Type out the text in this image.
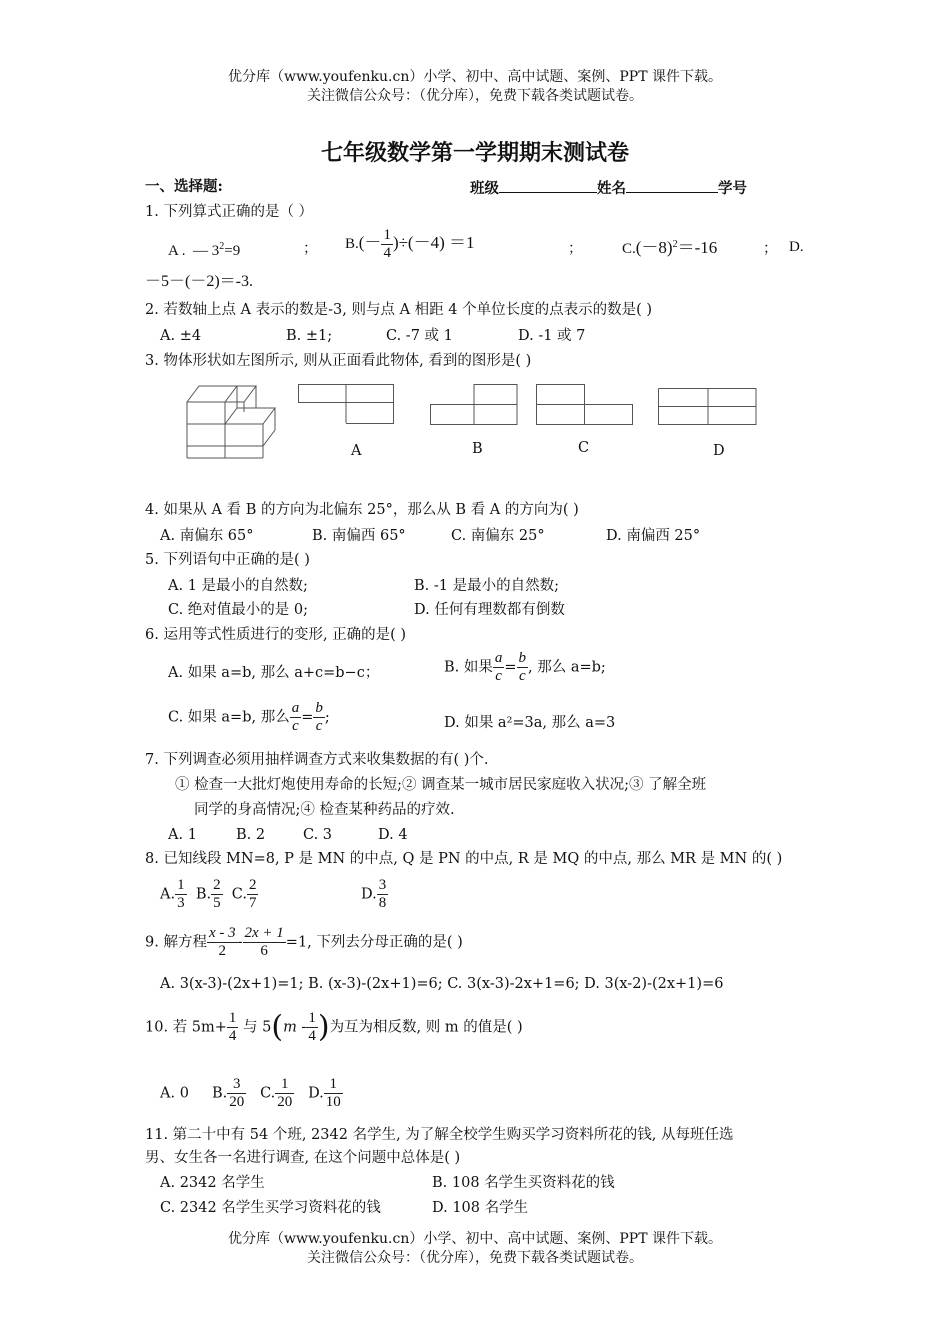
优分库（www.youfenku.cn）小学、初中、高中试题、案例、PPT 课件下载。
关注微信公众号：（优分库），免费下载各类试题试卷。
七年级数学第一学期期末测试卷
一、选择题:	班级	姓名	学号
1. 下列算式正确的是（ ）
A . — $3^2=9$	； $B.(- \frac{1}{4} )\div(-4) =1$	；	$C.(-8)^2=-16$	； D.
－5－(－2)＝-3.
2. 若数轴上点 A 表示的数是-3, 则与点 A 相距 4 个单位长度的点表示的数是( )
A. ±4	B. ±1;	C. -7 或 1	D. -1 或 7
3. 物体形状如左图所示, 则从正面看此物体, 看到的图形是( )
A	B	C	D
4. 如果从 A 看 B 的方向为北偏东 25°，那么从 B 看 A 的方向为( )
A. 南偏东 65°	B. 南偏西 65°	C. 南偏东 25°	D. 南偏西 25°
5. 下列语句中正确的是( )
A. 1 是最小的自然数;	B. -1 是最小的自然数;
C. 绝对值最小的是 0;	D. 任何有理数都有倒数
6. 运用等式性质进行的变形, 正确的是( )
A. 如果 a=b, 那么 a+c=b−c；	B. 如果 $\frac{a}{c} = \frac{b}{c}$ , 那么 a=b;
C. 如果 a=b, 那么 $\frac{a}{c} = \frac{b}{c}$ ;	D. 如果 a²=3a, 那么 a=3
7. 下列调查必须用抽样调查方式来收集数据的有( )个.
① 检查一大批灯炮使用寿命的长短;② 调查某一城市居民家庭收入状况;③ 了解全班
同学的身高情况;④ 检查某种药品的疗效.
A. 1	B. 2	C. 3	D. 4
8. 已知线段 MN=8, P 是 MN 的中点, Q 是 PN 的中点, R 是 MQ 的中点, 那么 MR 是 MN 的( )
A. $\frac{1}{3} B$. $\frac{2}{5} C$. $\frac{2}{7}$	D. $\frac{3}{8}$
9. 解方程 $\frac{x - 3}{2} - \frac{2x + 1}{6} =1$, 下列去分母正确的是( )
A. 3(x-3)-(2x+1)=1; B. (x-3)-(2x+1)=6; C. 3(x-3)-2x+1=6; D. 3(x-2)-(2x+1)=6
10. 若 $5m+ \frac{1}{4}$ 与 $5(m - \frac{1}{4}$ )为互为相反数, 则 m 的值是( )
A. 0 B. $\frac{3}{20} C$. $\frac{1}{20} D$. $\frac{1}{10}$
11. 第二十中有 54 个班, 2342 名学生, 为了解全校学生购买学习资料所花的钱, 从每班任选
男、女生各一名进行调查, 在这个问题中总体是( )
A. 2342 名学生	B. 108 名学生买资料花的钱
C. 2342 名学生买学习资料花的钱	D. 108 名学生
优分库（www.youfenku.cn）小学、初中、高中试题、案例、PPT 课件下载。
关注微信公众号：（优分库），免费下载各类试题试卷。
